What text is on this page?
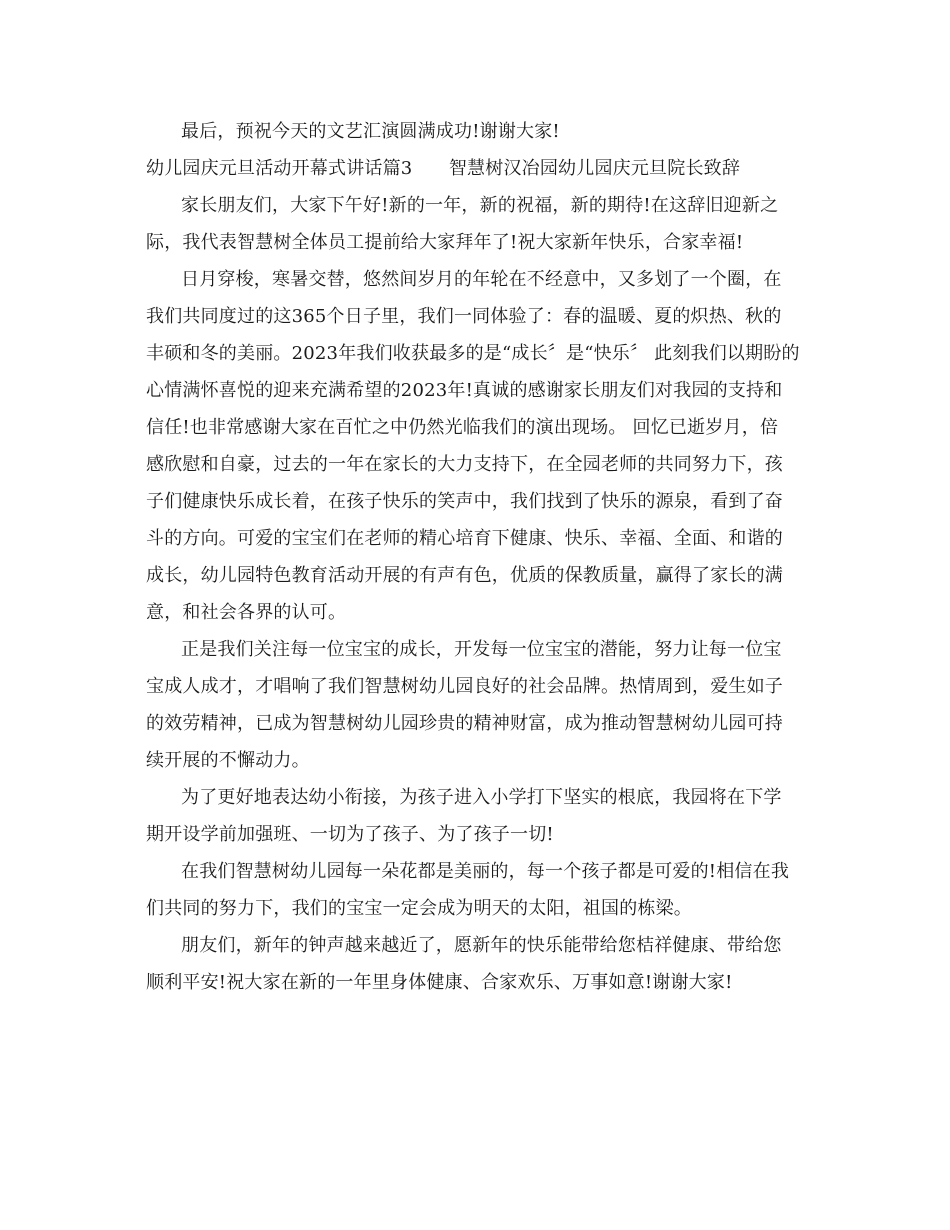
最后，预祝今天的文艺汇演圆满成功!谢谢大家!
幼儿园庆元旦活动开幕式讲话篇3　　智慧树汉冶园幼儿园庆元旦院长致辞
家长朋友们，大家下午好!新的一年，新的祝福，新的期待!在这辞旧迎新之
际，我代表智慧树全体员工提前给大家拜年了!祝大家新年快乐，合家幸福!
日月穿梭，寒暑交替，悠然间岁月的年轮在不经意中，又多划了一个圈，在
我们共同度过的这365个日子里，我们一同体验了：春的温暖、夏的炽热、秋的
丰硕和冬的美丽。2023年我们收获最多的是“成长〞是“快乐〞 此刻我们以期盼的
心情满怀喜悦的迎来充满希望的2023年!真诚的感谢家长朋友们对我园的支持和
信任!也非常感谢大家在百忙之中仍然光临我们的演出现场。 回忆已逝岁月，倍
感欣慰和自豪，过去的一年在家长的大力支持下，在全园老师的共同努力下，孩
子们健康快乐成长着，在孩子快乐的笑声中，我们找到了快乐的源泉，看到了奋
斗的方向。可爱的宝宝们在老师的精心培育下健康、快乐、幸福、全面、和谐的
成长，幼儿园特色教育活动开展的有声有色，优质的保教质量，赢得了家长的满
意，和社会各界的认可。
正是我们关注每一位宝宝的成长，开发每一位宝宝的潜能，努力让每一位宝
宝成人成才，才唱响了我们智慧树幼儿园良好的社会品牌。热情周到，爱生如子
的效劳精神，已成为智慧树幼儿园珍贵的精神财富，成为推动智慧树幼儿园可持
续开展的不懈动力。
为了更好地表达幼小衔接，为孩子进入小学打下坚实的根底，我园将在下学
期开设学前加强班、一切为了孩子、为了孩子一切!
在我们智慧树幼儿园每一朵花都是美丽的，每一个孩子都是可爱的!相信在我
们共同的努力下，我们的宝宝一定会成为明天的太阳，祖国的栋梁。
朋友们，新年的钟声越来越近了，愿新年的快乐能带给您桔祥健康、带给您
顺利平安!祝大家在新的一年里身体健康、合家欢乐、万事如意!谢谢大家!
